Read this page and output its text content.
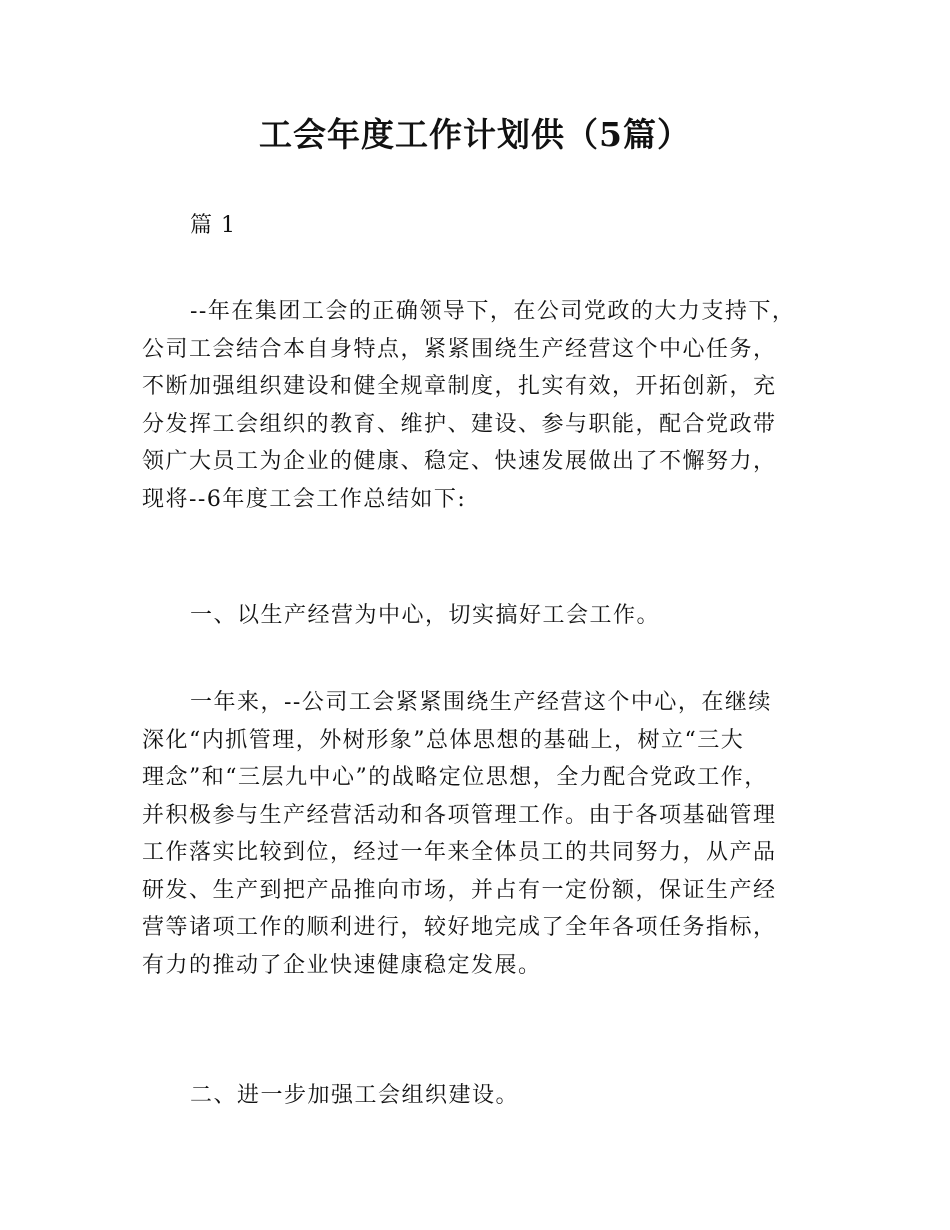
工会年度工作计划供（5篇）

篇 1

--年在集团工会的正确领导下，在公司党政的大力支持下，
公司工会结合本自身特点，紧紧围绕生产经营这个中心任务，
不断加强组织建设和健全规章制度，扎实有效，开拓创新，充
分发挥工会组织的教育、维护、建设、参与职能，配合党政带
领广大员工为企业的健康、稳定、快速发展做出了不懈努力，
现将--6年度工会工作总结如下:

一、以生产经营为中心，切实搞好工会工作。

一年来，--公司工会紧紧围绕生产经营这个中心，在继续
深化“内抓管理，外树形象”总体思想的基础上，树立“三大
理念”和“三层九中心”的战略定位思想，全力配合党政工作，
并积极参与生产经营活动和各项管理工作。由于各项基础管理
工作落实比较到位，经过一年来全体员工的共同努力，从产品
研发、生产到把产品推向市场，并占有一定份额，保证生产经
营等诸项工作的顺利进行，较好地完成了全年各项任务指标，
有力的推动了企业快速健康稳定发展。

二、进一步加强工会组织建设。
